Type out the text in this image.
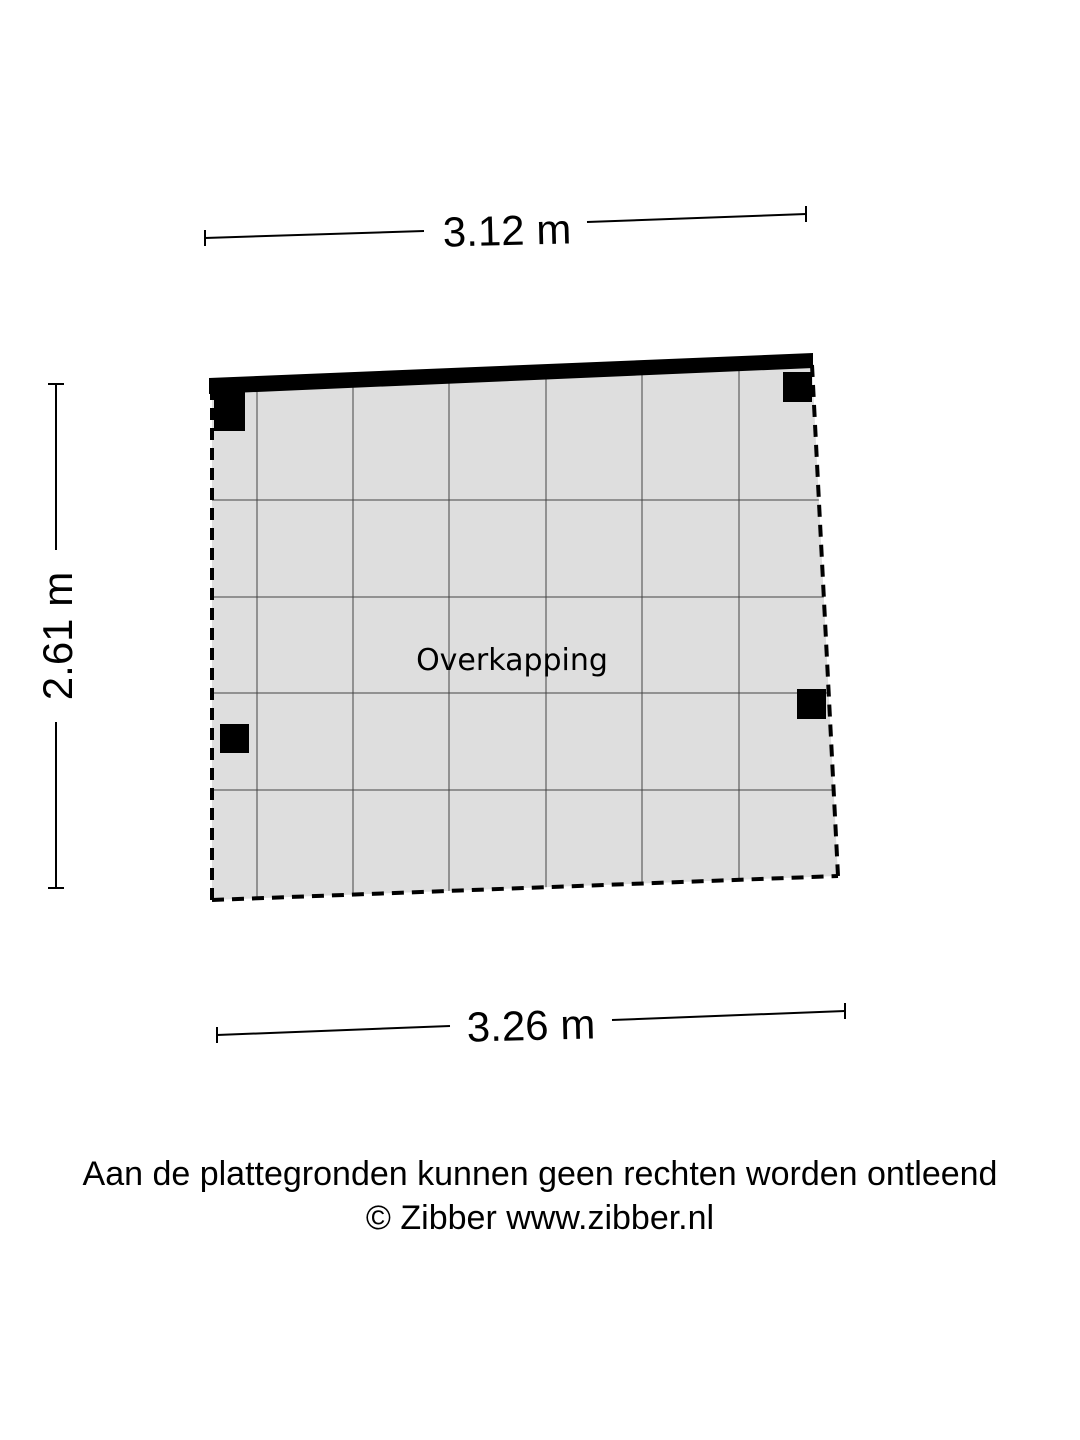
3.12 m
3.26 m
2.61 m	Overkapping
Aan de plattegronden kunnen geen rechten worden ontleend
© Zibber www.zibber.nl
